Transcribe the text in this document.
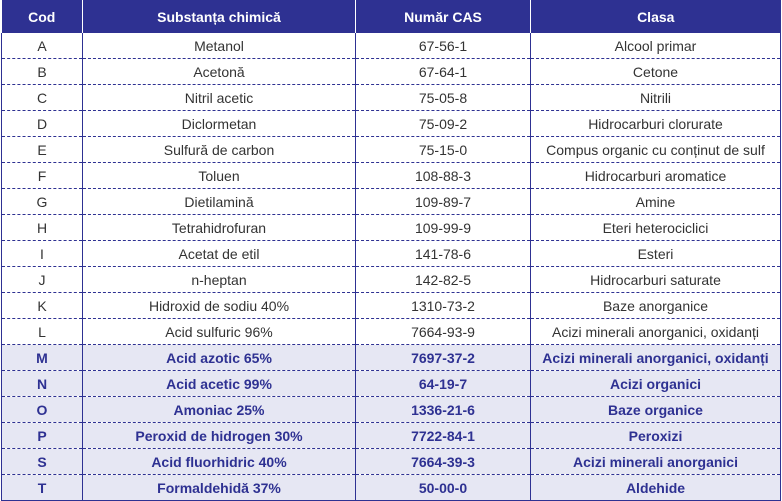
Cod	Substanța chimică	Număr CAS	Clasa
A	Metanol	67-56-1	Alcool primar
B	Acetonă	67-64-1	Cetone
C	Nitril acetic	75-05-8	Nitrili
D	Diclormetan	75-09-2	Hidrocarburi clorurate
E	Sulfură de carbon	75-15-0	Compus organic cu conținut de sulf
F	Toluen	108-88-3	Hidrocarburi aromatice
G	Dietilamină	109-89-7	Amine
H	Tetrahidrofuran	109-99-9	Eteri heterociclici
I	Acetat de etil	141-78-6	Esteri
J	n-heptan	142-82-5	Hidrocarburi saturate
K	Hidroxid de sodiu 40%	1310-73-2	Baze anorganice
L	Acid sulfuric 96%	7664-93-9	Acizi minerali anorganici, oxidanți
M	Acid azotic 65%	7697-37-2	Acizi minerali anorganici, oxidanți
N	Acid acetic 99%	64-19-7	Acizi organici
O	Amoniac 25%	1336-21-6	Baze organice
P	Peroxid de hidrogen 30%	7722-84-1	Peroxizi
S	Acid fluorhidric 40%	7664-39-3	Acizi minerali anorganici
T	Formaldehidă 37%	50-00-0	Aldehide
